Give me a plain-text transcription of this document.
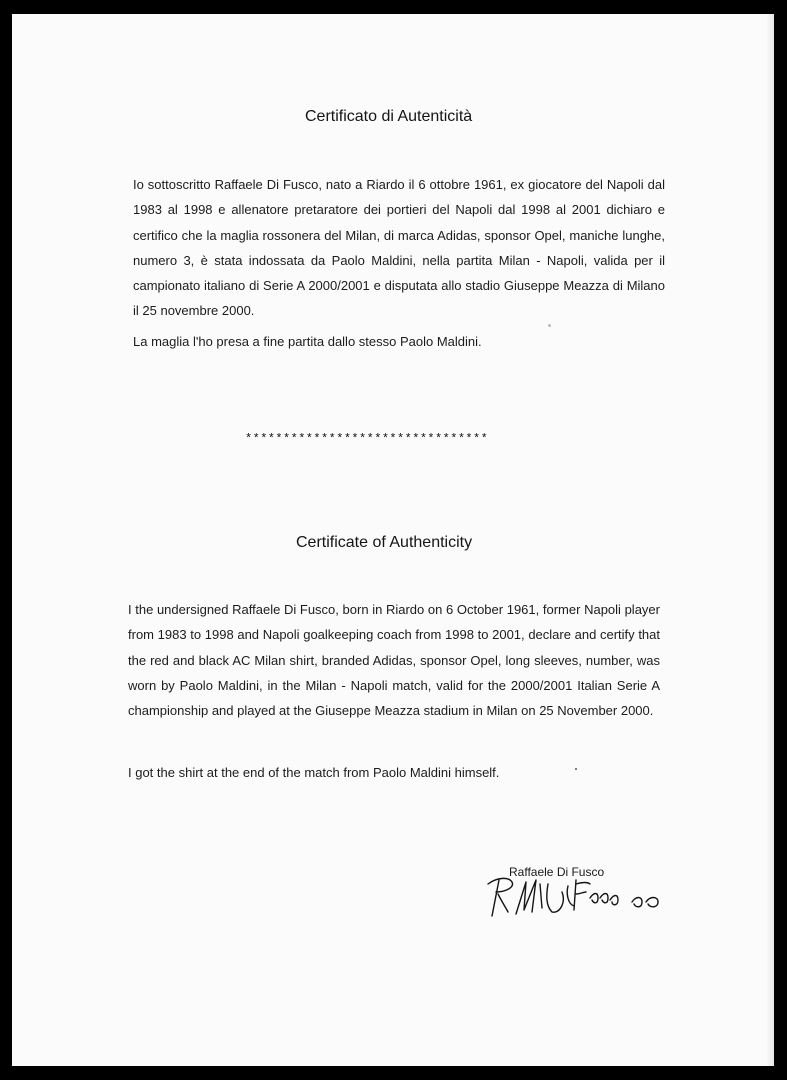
Certificato di Autenticità

Io sottoscritto Raffaele Di Fusco, nato a Riardo il 6 ottobre 1961, ex giocatore del Napoli dal 1983 al 1998 e allenatore pretaratore dei portieri del Napoli dal 1998 al 2001 dichiaro e certifico che la maglia rossonera del Milan, di marca Adidas, sponsor Opel, maniche lunghe, numero 3, è stata indossata da Paolo Maldini, nella partita Milan - Napoli, valida per il campionato italiano di Serie A 2000/2001 e disputata allo stadio Giuseppe Meazza di Milano il 25 novembre 2000.

La maglia l'ho presa a fine partita dallo stesso Paolo Maldini.

********************************
Certificate of Authenticity

I the undersigned Raffaele Di Fusco, born in Riardo on 6 October 1961, former Napoli player from 1983 to 1998 and Napoli goalkeeping coach from 1998 to 2001, declare and certify that the red and black AC Milan shirt, branded Adidas, sponsor Opel, long sleeves, number, was worn by Paolo Maldini, in the Milan - Napoli match, valid for the 2000/2001 Italian Serie A championship and played at the Giuseppe Meazza stadium in Milan on 25 November 2000.

I got the shirt at the end of the match from Paolo Maldini himself.

Raffaele Di Fusco
